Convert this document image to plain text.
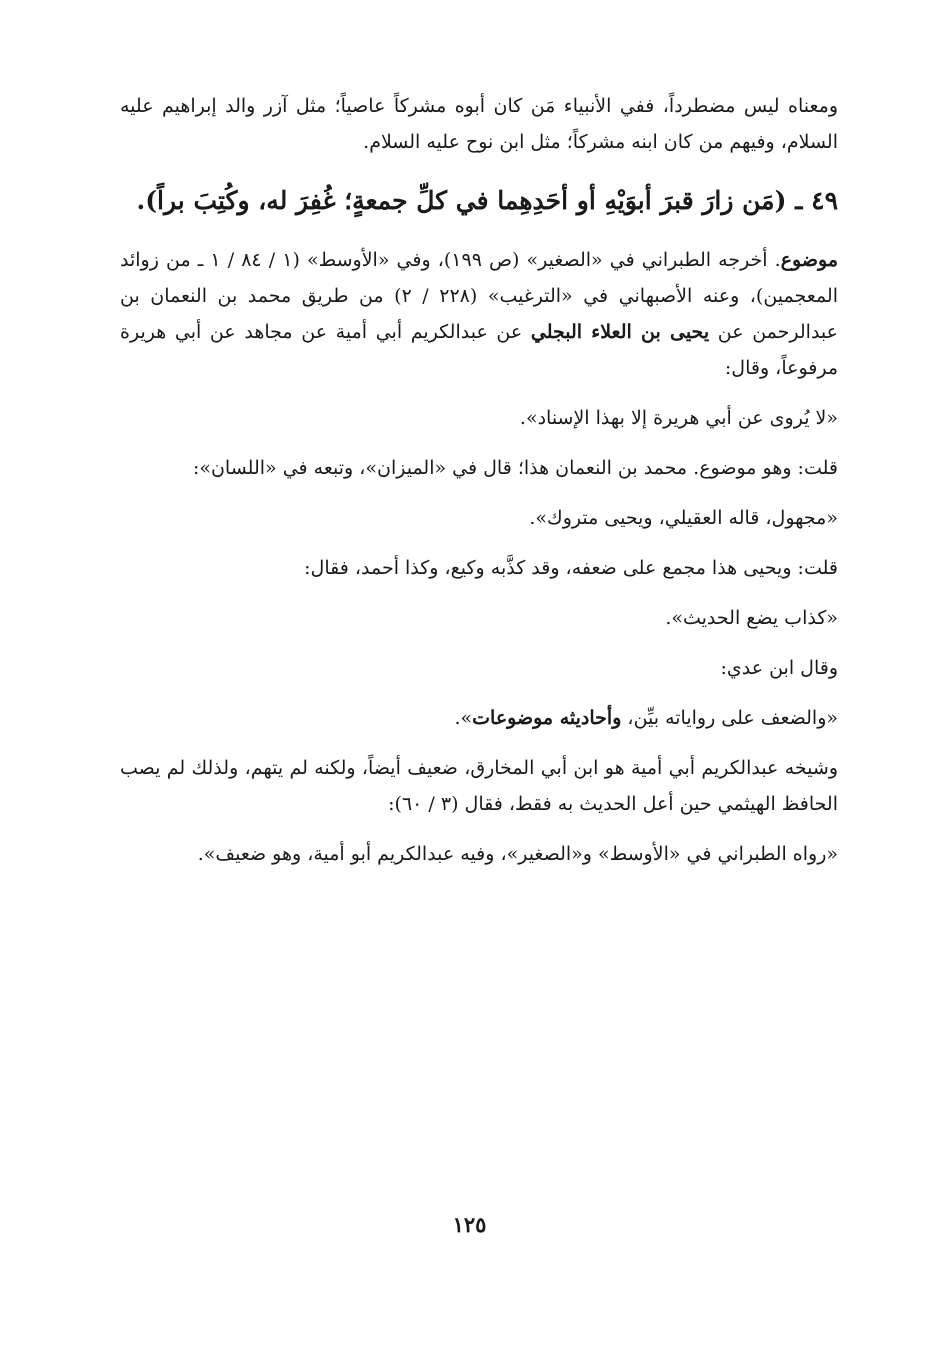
ومعناه ليس مضطرداً، ففي الأنبياء مَن كان أبوه مشركاً عاصياً؛ مثل آزر والد إبراهيم عليه السلام، وفيهم من كان ابنه مشركاً؛ مثل ابن نوح عليه السلام.

٤٩ ـ (مَن زارَ قبرَ أبوَيْهِ أو أحَدِهِما في كلِّ جمعةٍ؛ غُفِرَ له، وكُتِبَ براً).

موضوع. أخرجه الطبراني في «الصغير» (ص ١٩٩)، وفي «الأوسط» (١ / ٨٤ / ١ ـ من زوائد المعجمين)، وعنه الأصبهاني في «الترغيب» (٢٢٨ / ٢) من طريق محمد بن النعمان بن عبدالرحمن عن يحيى بن العلاء البجلي عن عبدالكريم أبي أمية عن مجاهد عن أبي هريرة مرفوعاً، وقال:

«لا يُروى عن أبي هريرة إلا بهذا الإسناد».

قلت: وهو موضوع. محمد بن النعمان هذا؛ قال في «الميزان»، وتبعه في «اللسان»:

«مجهول، قاله العقيلي، ويحيى متروك».

قلت: ويحيى هذا مجمع على ضعفه، وقد كذَّبه وكيع، وكذا أحمد، فقال:

«كذاب يضع الحديث».

وقال ابن عدي:

«والضعف على رواياته بيِّن، وأحاديثه موضوعات».

وشيخه عبدالكريم أبي أمية هو ابن أبي المخارق، ضعيف أيضاً، ولكنه لم يتهم، ولذلك لم يصب الحافظ الهيثمي حين أعل الحديث به فقط، فقال (٣ / ٦٠):

«رواه الطبراني في «الأوسط» و«الصغير»، وفيه عبدالكريم أبو أمية، وهو ضعيف».

١٢٥
